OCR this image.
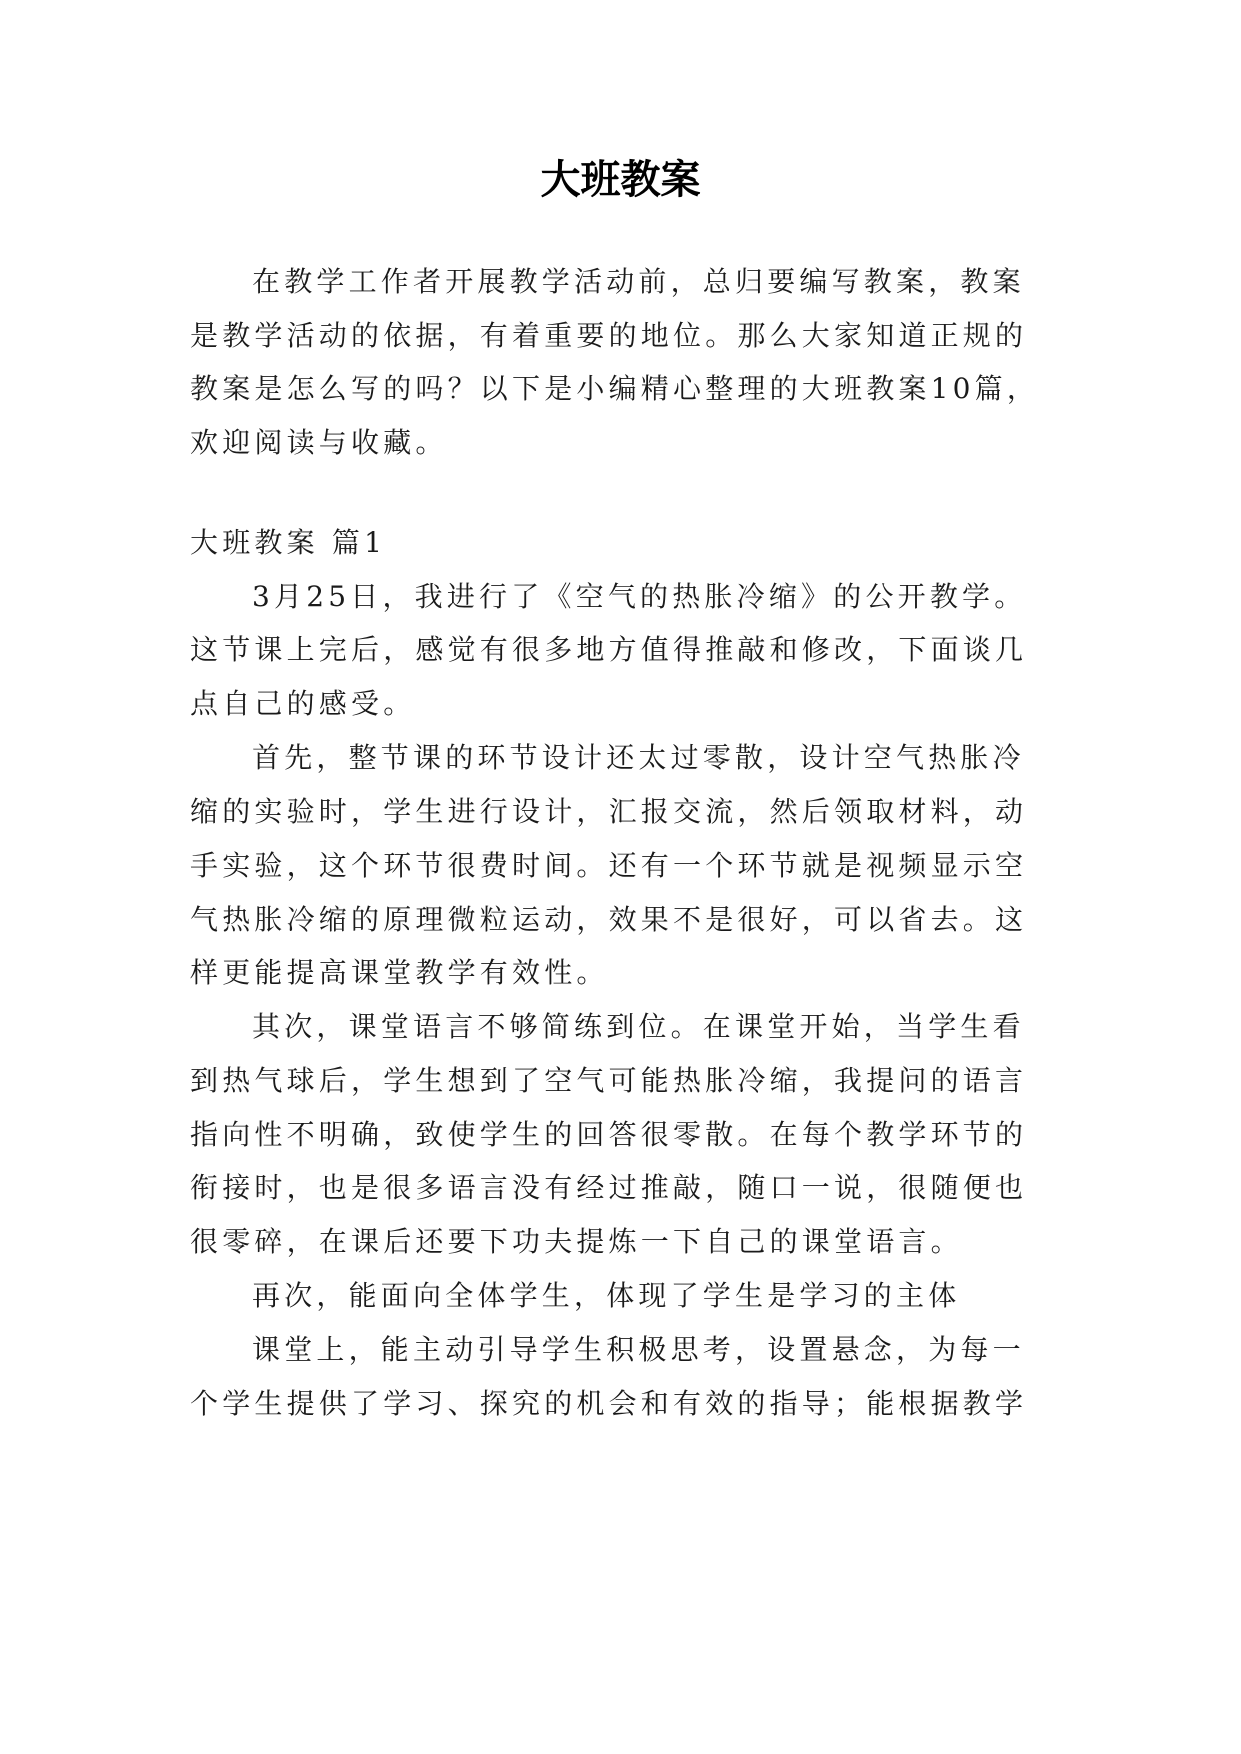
大班教案
在教学工作者开展教学活动前，总归要编写教案，教案
是教学活动的依据，有着重要的地位。那么大家知道正规的
教案是怎么写的吗？以下是小编精心整理的大班教案10篇，
欢迎阅读与收藏。
大班教案 篇1
3月25日，我进行了《空气的热胀冷缩》的公开教学。
这节课上完后，感觉有很多地方值得推敲和修改，下面谈几
点自己的感受。
首先，整节课的环节设计还太过零散，设计空气热胀冷
缩的实验时，学生进行设计，汇报交流，然后领取材料，动
手实验，这个环节很费时间。还有一个环节就是视频显示空
气热胀冷缩的原理微粒运动，效果不是很好，可以省去。这
样更能提高课堂教学有效性。
其次，课堂语言不够简练到位。在课堂开始，当学生看
到热气球后，学生想到了空气可能热胀冷缩，我提问的语言
指向性不明确，致使学生的回答很零散。在每个教学环节的
衔接时，也是很多语言没有经过推敲，随口一说，很随便也
很零碎，在课后还要下功夫提炼一下自己的课堂语言。
再次，能面向全体学生，体现了学生是学习的主体
课堂上，能主动引导学生积极思考，设置悬念，为每一
个学生提供了学习、探究的机会和有效的指导；能根据教学
